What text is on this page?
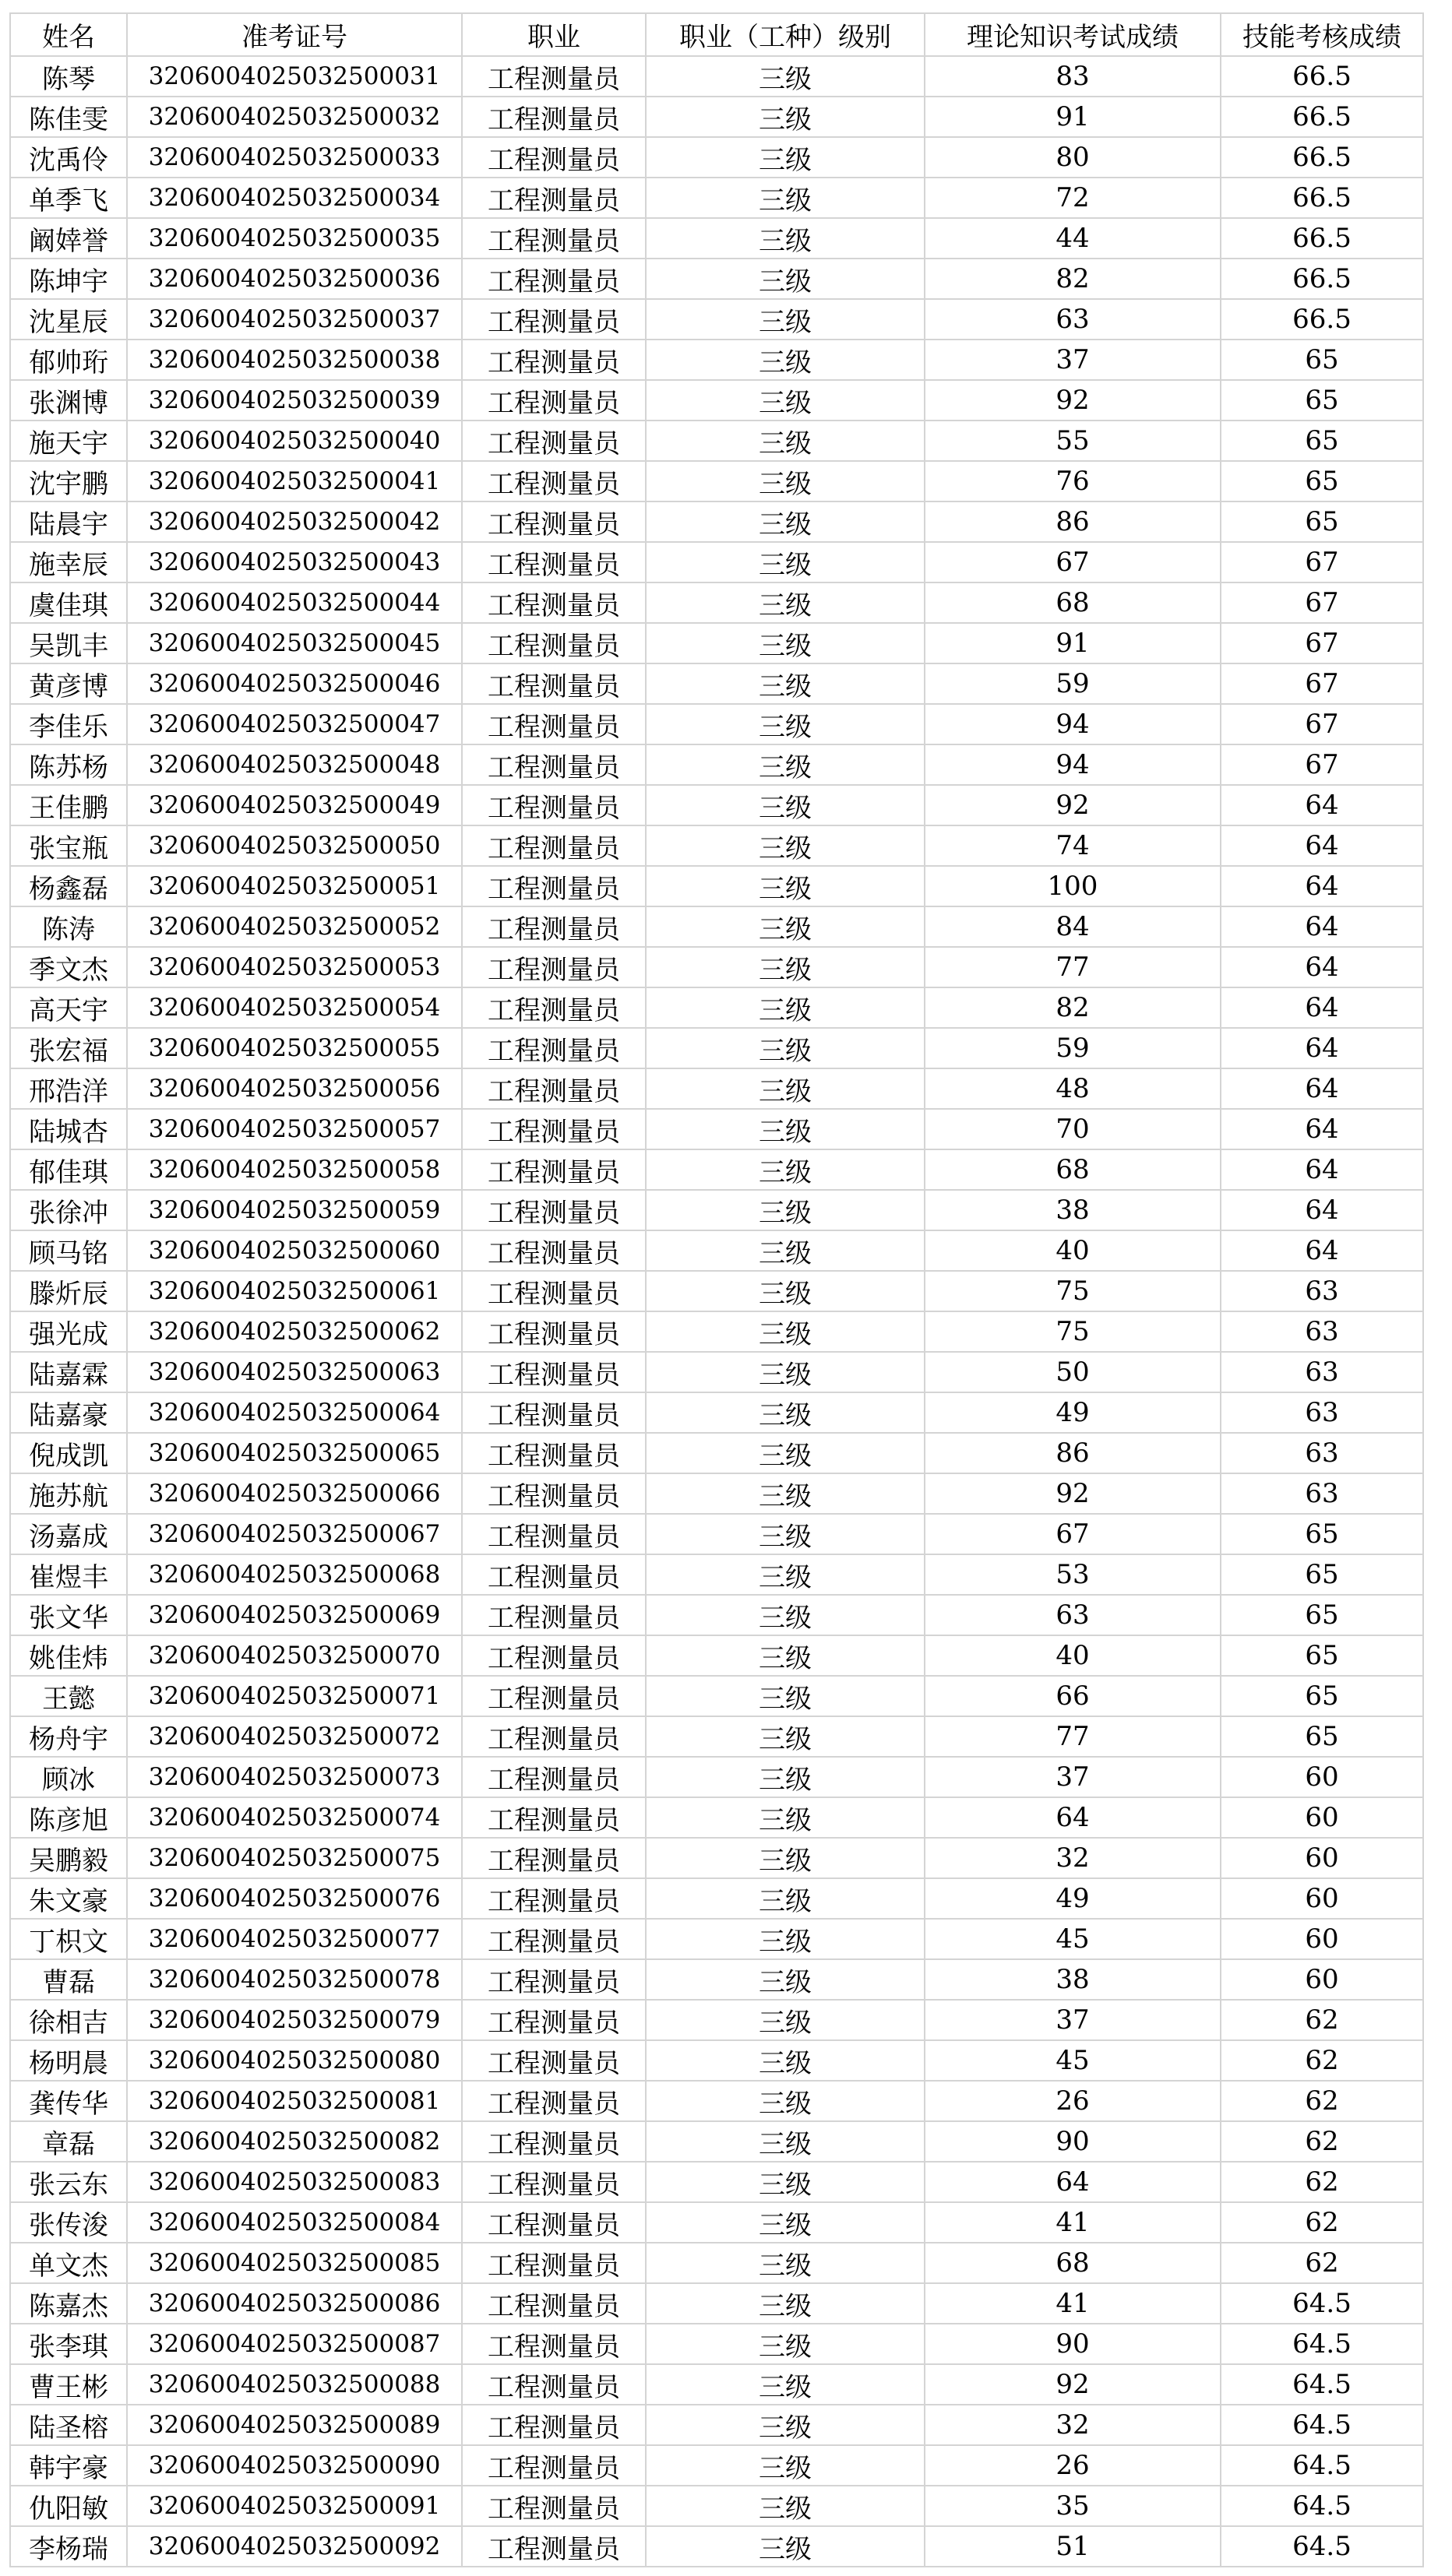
姓名	准考证号	职业	职业（工种）级别	理论知识考试成绩	技能考核成绩
陈琴	3206004025032500031	工程测量员	三级	83	66.5
陈佳雯	3206004025032500032	工程测量员	三级	91	66.5
沈禹伶	3206004025032500033	工程测量员	三级	80	66.5
单季飞	3206004025032500034	工程测量员	三级	72	66.5
阚婞誉	3206004025032500035	工程测量员	三级	44	66.5
陈坤宇	3206004025032500036	工程测量员	三级	82	66.5
沈星辰	3206004025032500037	工程测量员	三级	63	66.5
郁帅珩	3206004025032500038	工程测量员	三级	37	65
张渊博	3206004025032500039	工程测量员	三级	92	65
施天宇	3206004025032500040	工程测量员	三级	55	65
沈宇鹏	3206004025032500041	工程测量员	三级	76	65
陆晨宇	3206004025032500042	工程测量员	三级	86	65
施幸辰	3206004025032500043	工程测量员	三级	67	67
虞佳琪	3206004025032500044	工程测量员	三级	68	67
吴凯丰	3206004025032500045	工程测量员	三级	91	67
黄彦博	3206004025032500046	工程测量员	三级	59	67
李佳乐	3206004025032500047	工程测量员	三级	94	67
陈苏杨	3206004025032500048	工程测量员	三级	94	67
王佳鹏	3206004025032500049	工程测量员	三级	92	64
张宝瓶	3206004025032500050	工程测量员	三级	74	64
杨鑫磊	3206004025032500051	工程测量员	三级	100	64
陈涛	3206004025032500052	工程测量员	三级	84	64
季文杰	3206004025032500053	工程测量员	三级	77	64
高天宇	3206004025032500054	工程测量员	三级	82	64
张宏福	3206004025032500055	工程测量员	三级	59	64
邢浩洋	3206004025032500056	工程测量员	三级	48	64
陆城杏	3206004025032500057	工程测量员	三级	70	64
郁佳琪	3206004025032500058	工程测量员	三级	68	64
张徐冲	3206004025032500059	工程测量员	三级	38	64
顾马铭	3206004025032500060	工程测量员	三级	40	64
滕炘辰	3206004025032500061	工程测量员	三级	75	63
强光成	3206004025032500062	工程测量员	三级	75	63
陆嘉霖	3206004025032500063	工程测量员	三级	50	63
陆嘉豪	3206004025032500064	工程测量员	三级	49	63
倪成凯	3206004025032500065	工程测量员	三级	86	63
施苏航	3206004025032500066	工程测量员	三级	92	63
汤嘉成	3206004025032500067	工程测量员	三级	67	65
崔煜丰	3206004025032500068	工程测量员	三级	53	65
张文华	3206004025032500069	工程测量员	三级	63	65
姚佳炜	3206004025032500070	工程测量员	三级	40	65
王懿	3206004025032500071	工程测量员	三级	66	65
杨舟宇	3206004025032500072	工程测量员	三级	77	65
顾冰	3206004025032500073	工程测量员	三级	37	60
陈彦旭	3206004025032500074	工程测量员	三级	64	60
吴鹏毅	3206004025032500075	工程测量员	三级	32	60
朱文豪	3206004025032500076	工程测量员	三级	49	60
丁枳文	3206004025032500077	工程测量员	三级	45	60
曹磊	3206004025032500078	工程测量员	三级	38	60
徐相吉	3206004025032500079	工程测量员	三级	37	62
杨明晨	3206004025032500080	工程测量员	三级	45	62
龚传华	3206004025032500081	工程测量员	三级	26	62
章磊	3206004025032500082	工程测量员	三级	90	62
张云东	3206004025032500083	工程测量员	三级	64	62
张传浚	3206004025032500084	工程测量员	三级	41	62
单文杰	3206004025032500085	工程测量员	三级	68	62
陈嘉杰	3206004025032500086	工程测量员	三级	41	64.5
张李琪	3206004025032500087	工程测量员	三级	90	64.5
曹王彬	3206004025032500088	工程测量员	三级	92	64.5
陆圣榕	3206004025032500089	工程测量员	三级	32	64.5
韩宇豪	3206004025032500090	工程测量员	三级	26	64.5
仇阳敏	3206004025032500091	工程测量员	三级	35	64.5
李杨瑞	3206004025032500092	工程测量员	三级	51	64.5
